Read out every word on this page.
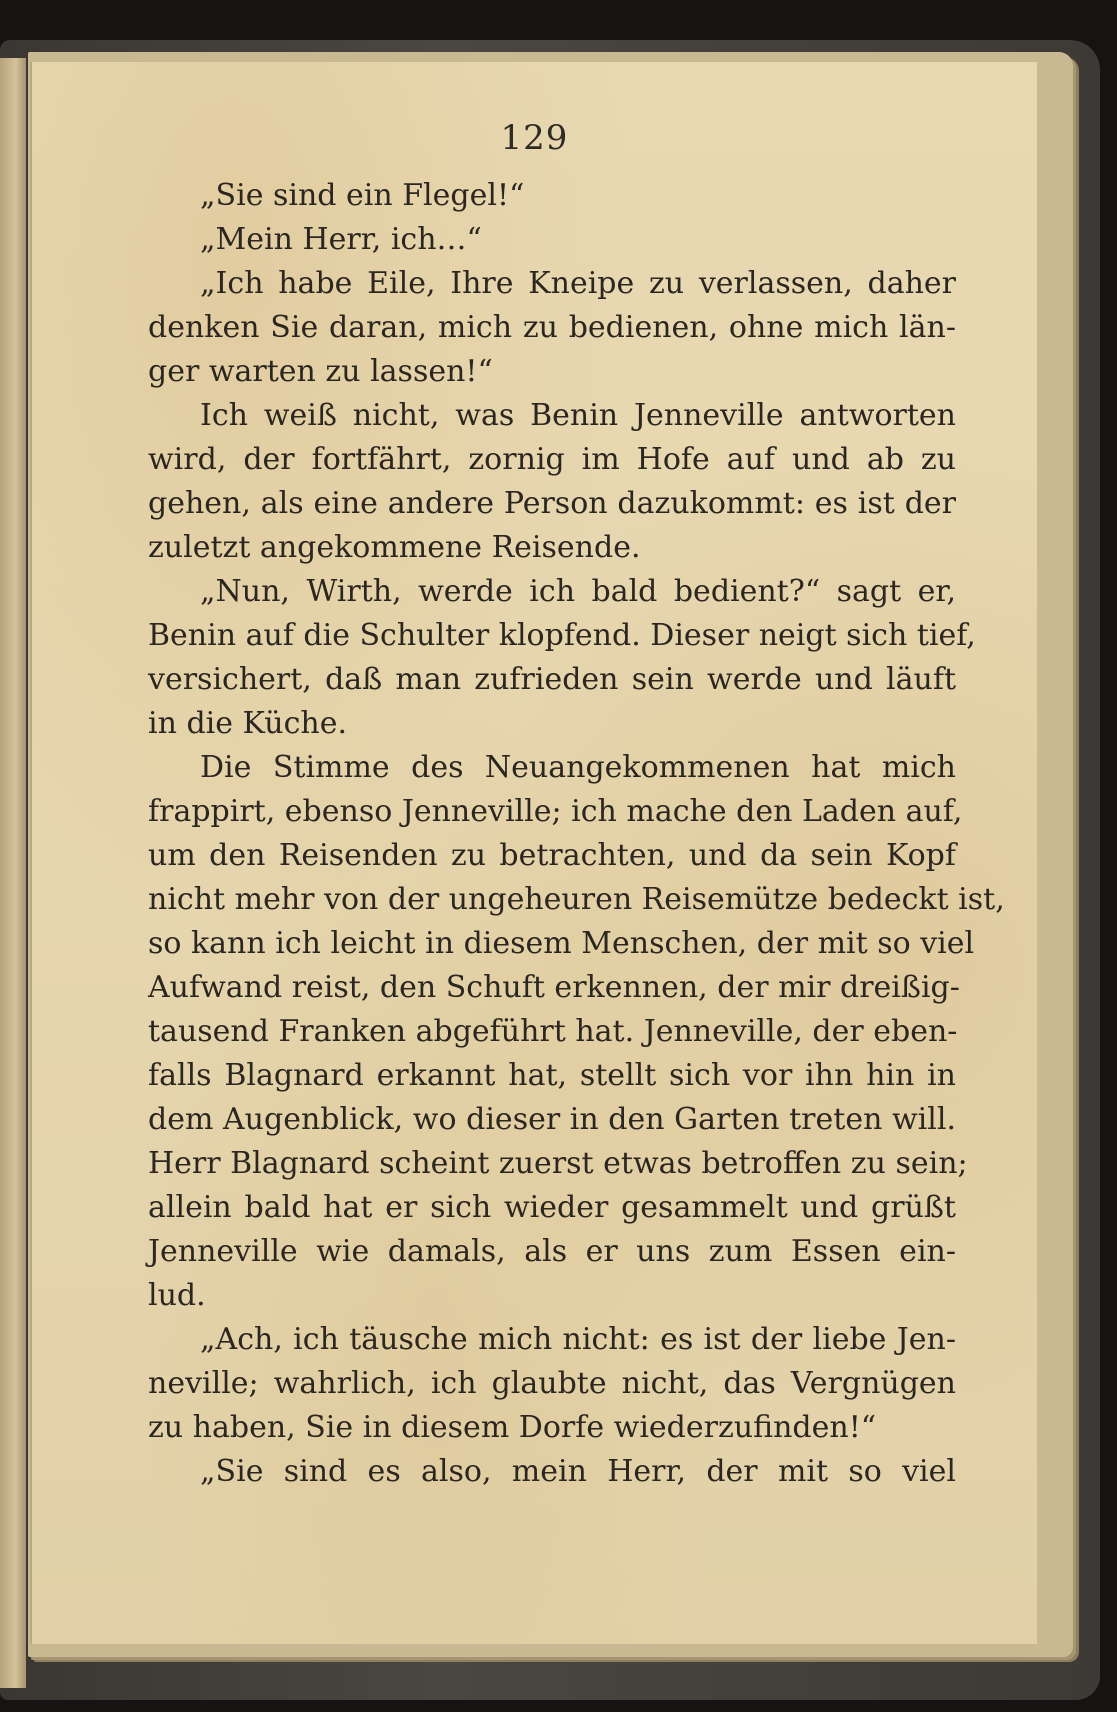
129
„Sie sind ein Flegel!“
„Mein Herr, ich…“
„Ich habe Eile, Ihre Kneipe zu verlassen, daher
denken Sie daran, mich zu bedienen, ohne mich län-
ger warten zu lassen!“
Ich weiß nicht, was Benin Jenneville antworten
wird, der fortfährt, zornig im Hofe auf und ab zu
gehen, als eine andere Person dazukommt: es ist der
zuletzt angekommene Reisende.
„Nun, Wirth, werde ich bald bedient?“ sagt er,
Benin auf die Schulter klopfend. Dieser neigt sich tief,
versichert, daß man zufrieden sein werde und läuft
in die Küche.
Die Stimme des Neuangekommenen hat mich
frappirt, ebenso Jenneville; ich mache den Laden auf,
um den Reisenden zu betrachten, und da sein Kopf
nicht mehr von der ungeheuren Reisemütze bedeckt ist,
so kann ich leicht in diesem Menschen, der mit so viel
Aufwand reist, den Schuft erkennen, der mir dreißig-
tausend Franken abgeführt hat. Jenneville, der eben-
falls Blagnard erkannt hat, stellt sich vor ihn hin in
dem Augenblick, wo dieser in den Garten treten will.
Herr Blagnard scheint zuerst etwas betroffen zu sein;
allein bald hat er sich wieder gesammelt und grüßt
Jenneville wie damals, als er uns zum Essen ein-
lud.
„Ach, ich täusche mich nicht: es ist der liebe Jen-
neville; wahrlich, ich glaubte nicht, das Vergnügen
zu haben, Sie in diesem Dorfe wiederzufinden!“
„Sie sind es also, mein Herr, der mit so viel
